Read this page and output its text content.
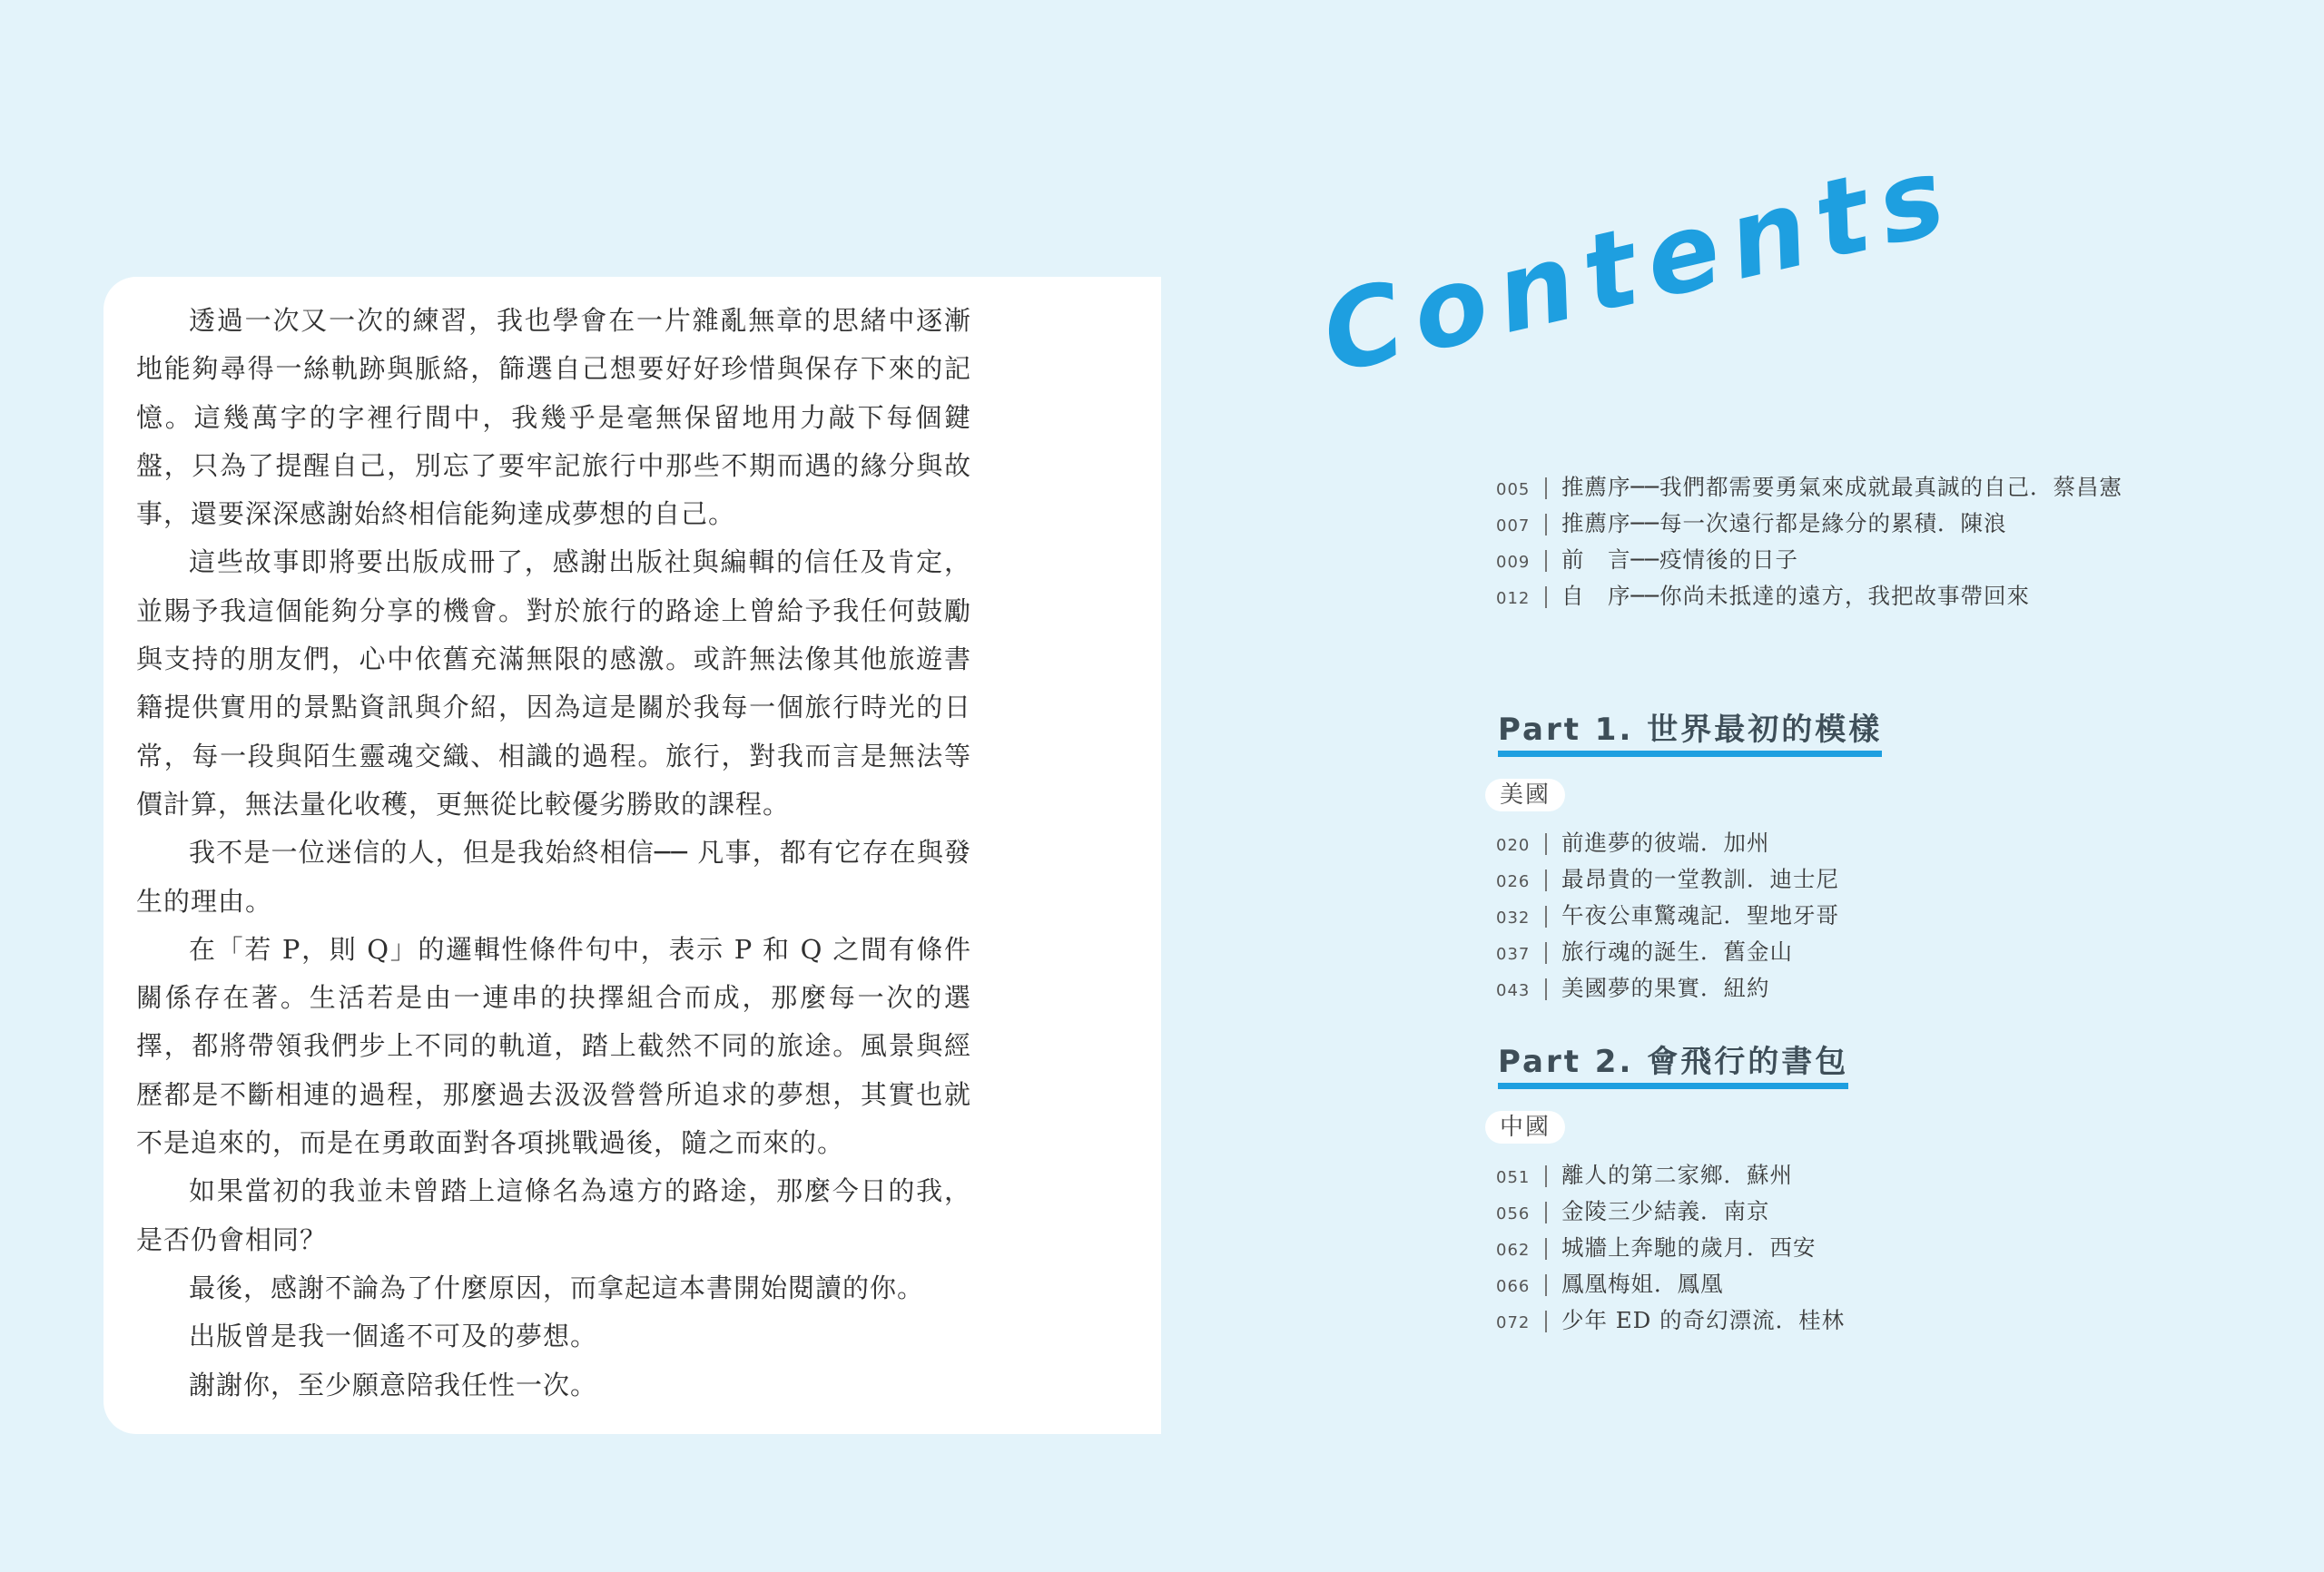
透過一次又一次的練習，我也學會在一片雜亂無章的思緒中逐漸地能夠尋得一絲軌跡與脈絡，篩選自己想要好好珍惜與保存下來的記憶。這幾萬字的字裡行間中，我幾乎是毫無保留地用力敲下每個鍵盤，只為了提醒自己，別忘了要牢記旅行中那些不期而遇的緣分與故事，還要深深感謝始終相信能夠達成夢想的自己。

這些故事即將要出版成冊了，感謝出版社與編輯的信任及肯定，並賜予我這個能夠分享的機會。對於旅行的路途上曾給予我任何鼓勵與支持的朋友們，心中依舊充滿無限的感激。或許無法像其他旅遊書籍提供實用的景點資訊與介紹，因為這是關於我每一個旅行時光的日常，每一段與陌生靈魂交織、相識的過程。旅行，對我而言是無法等價計算，無法量化收穫，更無從比較優劣勝敗的課程。

我不是一位迷信的人，但是我始終相信── 凡事，都有它存在與發生的理由。

在「若 P，則 Q」的邏輯性條件句中，表示 P 和 Q 之間有條件關係存在著。生活若是由一連串的抉擇組合而成，那麼每一次的選擇，都將帶領我們步上不同的軌道，踏上截然不同的旅途。風景與經歷都是不斷相連的過程，那麼過去汲汲營營所追求的夢想，其實也就不是追來的，而是在勇敢面對各項挑戰過後，隨之而來的。

如果當初的我並未曾踏上這條名為遠方的路途，那麼今日的我，是否仍會相同？

最後，感謝不論為了什麼原因，而拿起這本書開始閱讀的你。

出版曾是我一個遙不可及的夢想。

謝謝你，至少願意陪我任性一次。

Contents
005 推薦序──我們都需要勇氣來成就最真誠的自己．蔡昌憲
007 推薦序──每一次遠行都是緣分的累積．陳浪
009 前　言──疫情後的日子
012 自　序──你尚未抵達的遠方，我把故事帶回來
Part 1. 世界最初的模樣
美國
020 前進夢的彼端．加州
026 最昂貴的一堂教訓．迪士尼
032 午夜公車驚魂記．聖地牙哥
037 旅行魂的誕生．舊金山
043 美國夢的果實．紐約
Part 2. 會飛行的書包
中國
051 離人的第二家鄉．蘇州
056 金陵三少結義．南京
062 城牆上奔馳的歲月．西安
066 鳳凰梅姐．鳳凰
072 少年 ED 的奇幻漂流．桂林
